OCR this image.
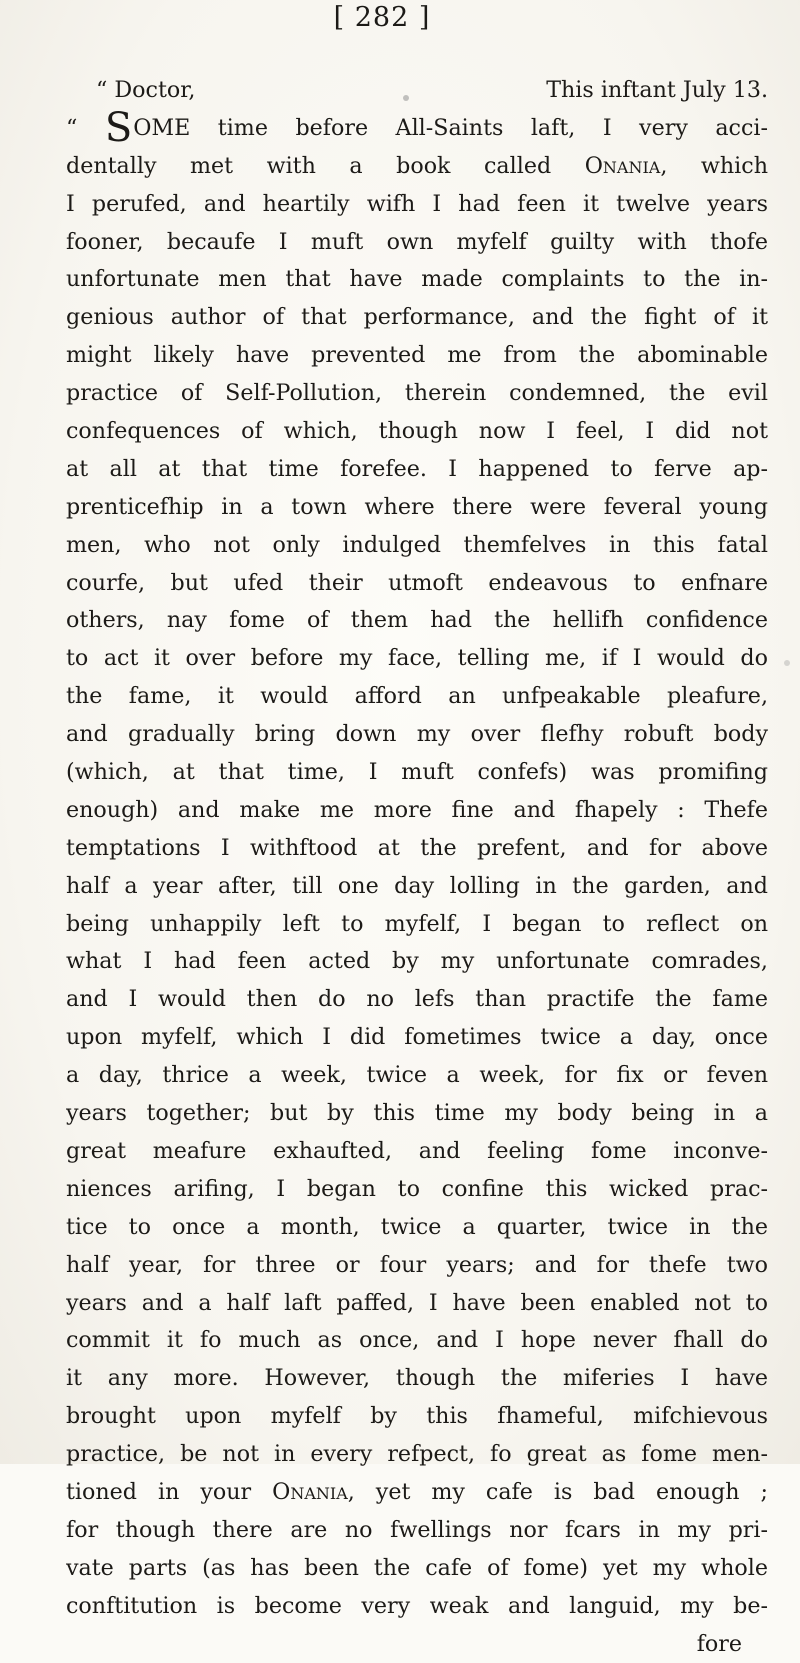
[ 282 ]
“ Doctor,	This inftant July 13.
“ SOME time before All-Saints laft, I very acci-
dentally met with a book called Onania, which
I perufed, and heartily wifh I had feen it twelve years
fooner, becaufe I muft own myfelf guilty with thofe
unfortunate men that have made complaints to the in-
genious author of that performance, and the fight of it
might likely have prevented me from the abominable
practice of Self-Pollution, therein condemned, the evil
confequences of which, though now I feel, I did not
at all at that time forefee. I happened to ferve ap-
prenticefhip in a town where there were feveral young
men, who not only indulged themfelves in this fatal
courfe, but ufed their utmoft endeavous to enfnare
others, nay fome of them had the hellifh confidence
to act it over before my face, telling me, if I would do
the fame, it would afford an unfpeakable pleafure,
and gradually bring down my over flefhy robuft body
(which, at that time, I muft confefs) was promifing
enough) and make me more fine and fhapely : Thefe
temptations I withftood at the prefent, and for above
half a year after, till one day lolling in the garden, and
being unhappily left to myfelf, I began to reflect on
what I had feen acted by my unfortunate comrades,
and I would then do no lefs than practife the fame
upon myfelf, which I did fometimes twice a day, once
a day, thrice a week, twice a week, for fix or feven
years together; but by this time my body being in a
great meafure exhaufted, and feeling fome inconve-
niences arifing, I began to confine this wicked prac-
tice to once a month, twice a quarter, twice in the
half year, for three or four years; and for thefe two
years and a half laft paffed, I have been enabled not to
commit it fo much as once, and I hope never fhall do
it any more. However, though the miferies I have
brought upon myfelf by this fhameful, mifchievous
practice, be not in every refpect, fo great as fome men-
tioned in your Onania, yet my cafe is bad enough ;
for though there are no fwellings nor fcars in my pri-
vate parts (as has been the cafe of fome) yet my whole
conftitution is become very weak and languid, my be-
fore
